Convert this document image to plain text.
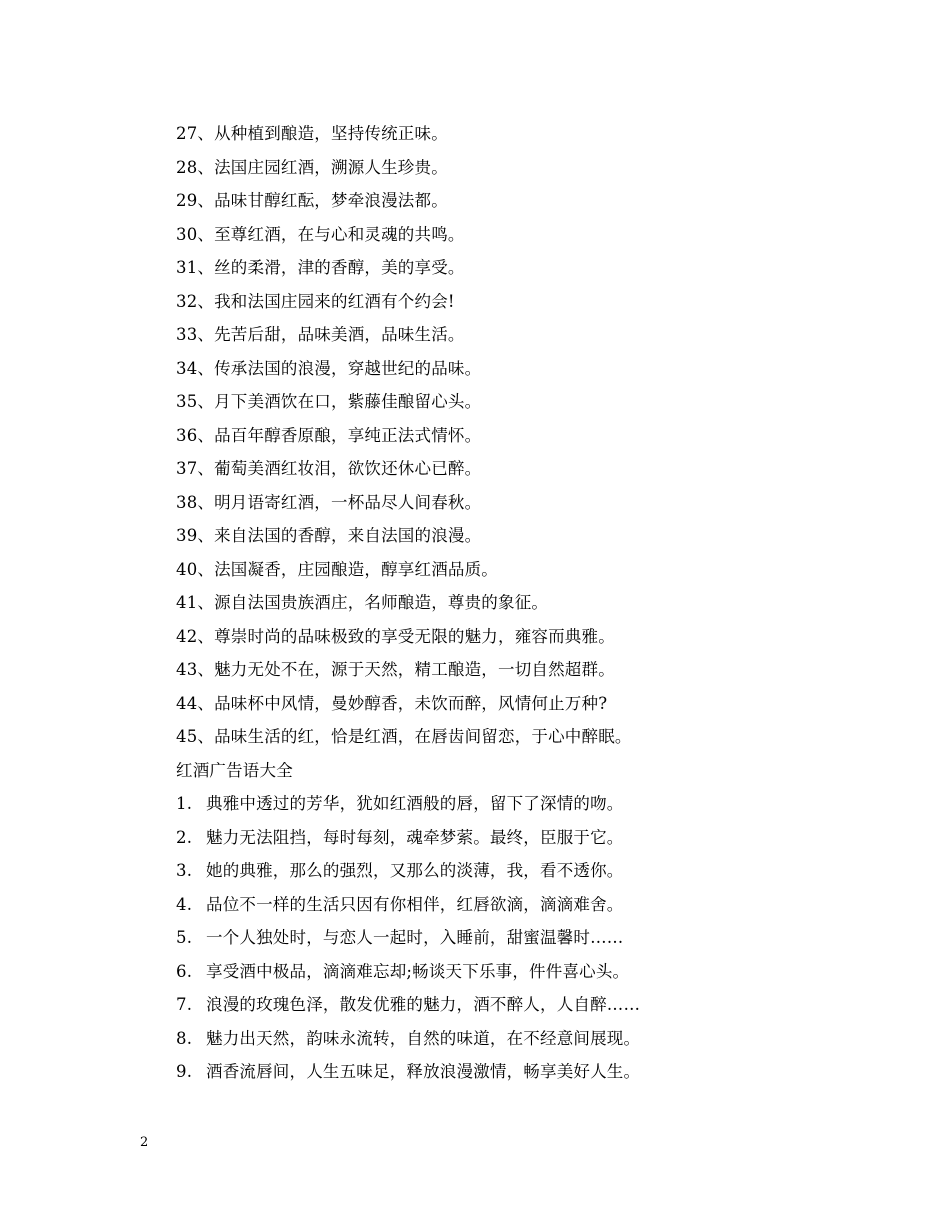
27、从种植到酿造，坚持传统正味。
28、法国庄园红酒，溯源人生珍贵。
29、品味甘醇红酝，梦牵浪漫法都。
30、至尊红酒，在与心和灵魂的共鸣。
31、丝的柔滑，津的香醇，美的享受。
32、我和法国庄园来的红酒有个约会!
33、先苦后甜，品味美酒，品味生活。
34、传承法国的浪漫，穿越世纪的品味。
35、月下美酒饮在口，紫藤佳酿留心头。
36、品百年醇香原酿，享纯正法式情怀。
37、葡萄美酒红妆泪，欲饮还休心已醉。
38、明月语寄红酒，一杯品尽人间春秋。
39、来自法国的香醇，来自法国的浪漫。
40、法国凝香，庄园酿造，醇享红酒品质。
41、源自法国贵族酒庄，名师酿造，尊贵的象征。
42、尊崇时尚的品味极致的享受无限的魅力，雍容而典雅。
43、魅力无处不在，源于天然，精工酿造，一切自然超群。
44、品味杯中风情，曼妙醇香，未饮而醉，风情何止万种?
45、品味生活的红，恰是红酒，在唇齿间留恋，于心中醉眠。
红酒广告语大全
1. 典雅中透过的芳华，犹如红酒般的唇，留下了深情的吻。
2. 魅力无法阻挡，每时每刻，魂牵梦萦。最终，臣服于它。
3. 她的典雅，那么的强烈，又那么的淡薄，我，看不透你。
4. 品位不一样的生活只因有你相伴，红唇欲滴，滴滴难舍。
5. 一个人独处时，与恋人一起时，入睡前，甜蜜温馨时……
6. 享受酒中极品，滴滴难忘却;畅谈天下乐事，件件喜心头。
7. 浪漫的玫瑰色泽，散发优雅的魅力，酒不醉人，人自醉……
8. 魅力出天然，韵味永流转，自然的味道，在不经意间展现。
9. 酒香流唇间，人生五味足，释放浪漫激情，畅享美好人生。
2
